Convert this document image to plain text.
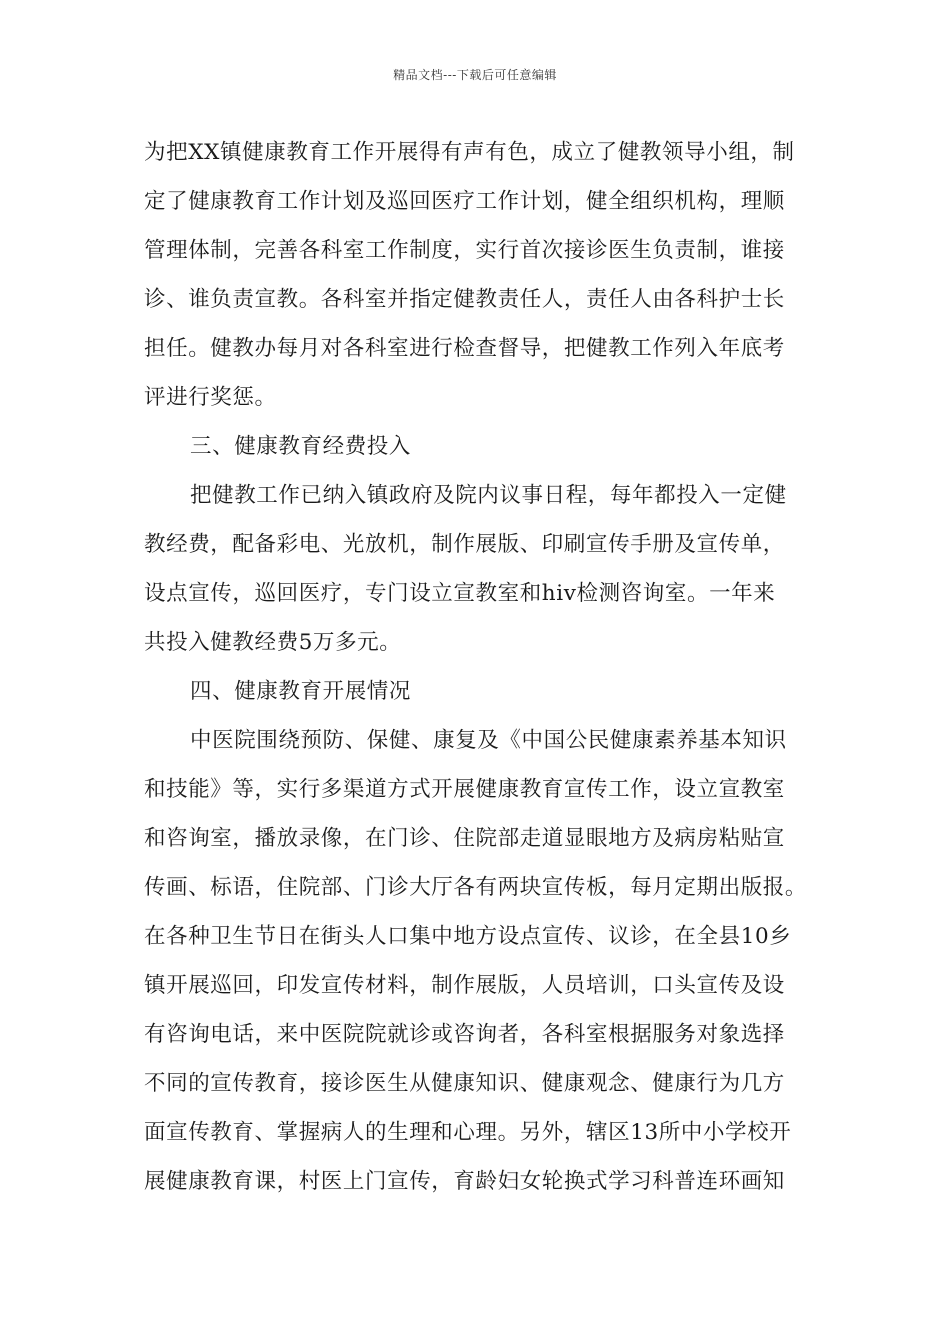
精品文档---下载后可任意编辑
为把XX镇健康教育工作开展得有声有色，成立了健教领导小组，制
定了健康教育工作计划及巡回医疗工作计划，健全组织机构，理顺
管理体制，完善各科室工作制度，实行首次接诊医生负责制，谁接
诊、谁负责宣教。各科室并指定健教责任人，责任人由各科护士长
担任。健教办每月对各科室进行检查督导，把健教工作列入年底考
评进行奖惩。
三、健康教育经费投入
把健教工作已纳入镇政府及院内议事日程，每年都投入一定健
教经费，配备彩电、光放机，制作展版、印刷宣传手册及宣传单，
设点宣传，巡回医疗，专门设立宣教室和hiv检测咨询室。一年来
共投入健教经费5万多元。
四、健康教育开展情况
中医院围绕预防、保健、康复及《中国公民健康素养基本知识
和技能》等，实行多渠道方式开展健康教育宣传工作，设立宣教室
和咨询室，播放录像，在门诊、住院部走道显眼地方及病房粘贴宣
传画、标语，住院部、门诊大厅各有两块宣传板，每月定期出版报。
在各种卫生节日在街头人口集中地方设点宣传、议诊，在全县10乡
镇开展巡回，印发宣传材料，制作展版，人员培训，口头宣传及设
有咨询电话，来中医院院就诊或咨询者，各科室根据服务对象选择
不同的宣传教育，接诊医生从健康知识、健康观念、健康行为几方
面宣传教育、掌握病人的生理和心理。另外，辖区13所中小学校开
展健康教育课，村医上门宣传，育龄妇女轮换式学习科普连环画知
